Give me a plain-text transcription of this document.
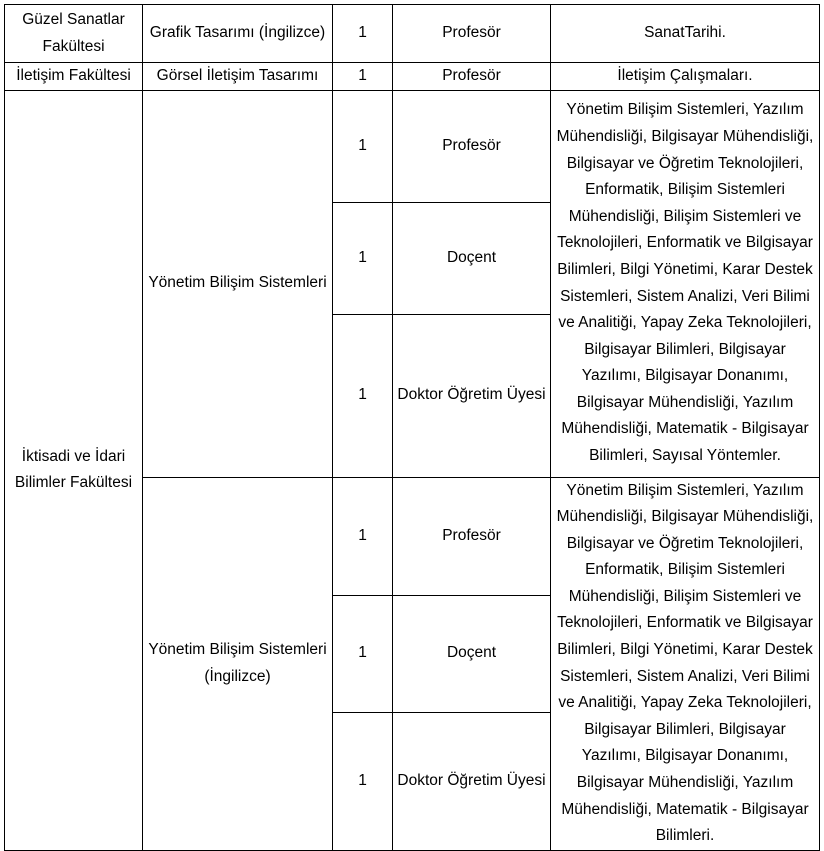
Güzel Sanatlar Fakültesi	Grafik Tasarımı (İngilizce)	1	Profesör	SanatTarihi.
İletişim Fakültesi	Görsel İletişim Tasarımı	1	Profesör	İletişim Çalışmaları.
İktisadi ve İdari Bilimler Fakültesi	Yönetim Bilişim Sistemleri	1	Profesör	Yönetim Bilişim Sistemleri, Yazılım Mühendisliği, Bilgisayar Mühendisliği, Bilgisayar ve Öğretim Teknolojileri, Enformatik, Bilişim Sistemleri Mühendisliği, Bilişim Sistemleri ve Teknolojileri, Enformatik ve Bilgisayar Bilimleri, Bilgi Yönetimi, Karar Destek Sistemleri, Sistem Analizi, Veri Bilimi ve Analitiği, Yapay Zeka Teknolojileri, Bilgisayar Bilimleri, Bilgisayar Yazılımı, Bilgisayar Donanımı, Bilgisayar Mühendisliği, Yazılım Mühendisliği, Matematik - Bilgisayar Bilimleri, Sayısal Yöntemler.
		1	Doçent	
		1	Doktor Öğretim Üyesi	
	Yönetim Bilişim Sistemleri (İngilizce)	1	Profesör	Yönetim Bilişim Sistemleri, Yazılım Mühendisliği, Bilgisayar Mühendisliği, Bilgisayar ve Öğretim Teknolojileri, Enformatik, Bilişim Sistemleri Mühendisliği, Bilişim Sistemleri ve Teknolojileri, Enformatik ve Bilgisayar Bilimleri, Bilgi Yönetimi, Karar Destek Sistemleri, Sistem Analizi, Veri Bilimi ve Analitiği, Yapay Zeka Teknolojileri, Bilgisayar Bilimleri, Bilgisayar Yazılımı, Bilgisayar Donanımı, Bilgisayar Mühendisliği, Yazılım Mühendisliği, Matematik - Bilgisayar Bilimleri.
		1	Doçent	
		1	Doktor Öğretim Üyesi	
